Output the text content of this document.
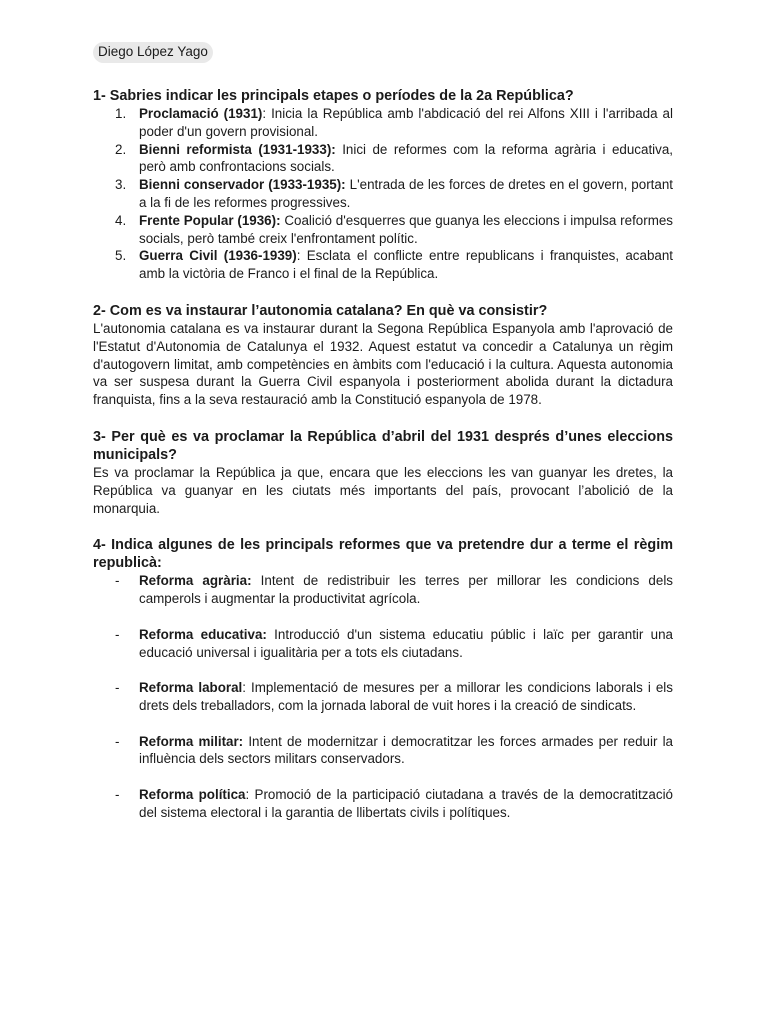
Diego López Yago

1- Sabries indicar les principals etapes o períodes de la 2a República?

1. Proclamació (1931): Inicia la República amb l'abdicació del rei Alfons XIII i l'arribada al poder d'un govern provisional.
2. Bienni reformista (1931-1933): Inici de reformes com la reforma agrària i educativa, però amb confrontacions socials.
3. Bienni conservador (1933-1935): L'entrada de les forces de dretes en el govern, portant a la fi de les reformes progressives.
4. Frente Popular (1936): Coalició d'esquerres que guanya les eleccions i impulsa reformes socials, però també creix l'enfrontament polític.
5. Guerra Civil (1936-1939): Esclata el conflicte entre republicans i franquistes, acabant amb la victòria de Franco i el final de la República.

2- Com es va instaurar l’autonomia catalana? En què va consistir?

L'autonomia catalana es va instaurar durant la Segona República Espanyola amb l'aprovació de l'Estatut d'Autonomia de Catalunya el 1932. Aquest estatut va concedir a Catalunya un règim d'autogovern limitat, amb competències en àmbits com l'educació i la cultura. Aquesta autonomia va ser suspesa durant la Guerra Civil espanyola i posteriorment abolida durant la dictadura franquista, fins a la seva restauració amb la Constitució espanyola de 1978.

3- Per què es va proclamar la República d’abril del 1931 després d’unes eleccions municipals?

Es va proclamar la República ja que, encara que les eleccions les van guanyar les dretes, la República va guanyar en les ciutats més importants del país, provocant l’abolició de la monarquia.

4- Indica algunes de les principals reformes que va pretendre dur a terme el règim republicà:

- Reforma agrària: Intent de redistribuir les terres per millorar les condicions dels camperols i augmentar la productivitat agrícola.
- Reforma educativa: Introducció d'un sistema educatiu públic i laïc per garantir una educació universal i igualitària per a tots els ciutadans.
- Reforma laboral: Implementació de mesures per a millorar les condicions laborals i els drets dels treballadors, com la jornada laboral de vuit hores i la creació de sindicats.
- Reforma militar: Intent de modernitzar i democratitzar les forces armades per reduir la influència dels sectors militars conservadors.
- Reforma política: Promoció de la participació ciutadana a través de la democratització del sistema electoral i la garantia de llibertats civils i polítiques.
